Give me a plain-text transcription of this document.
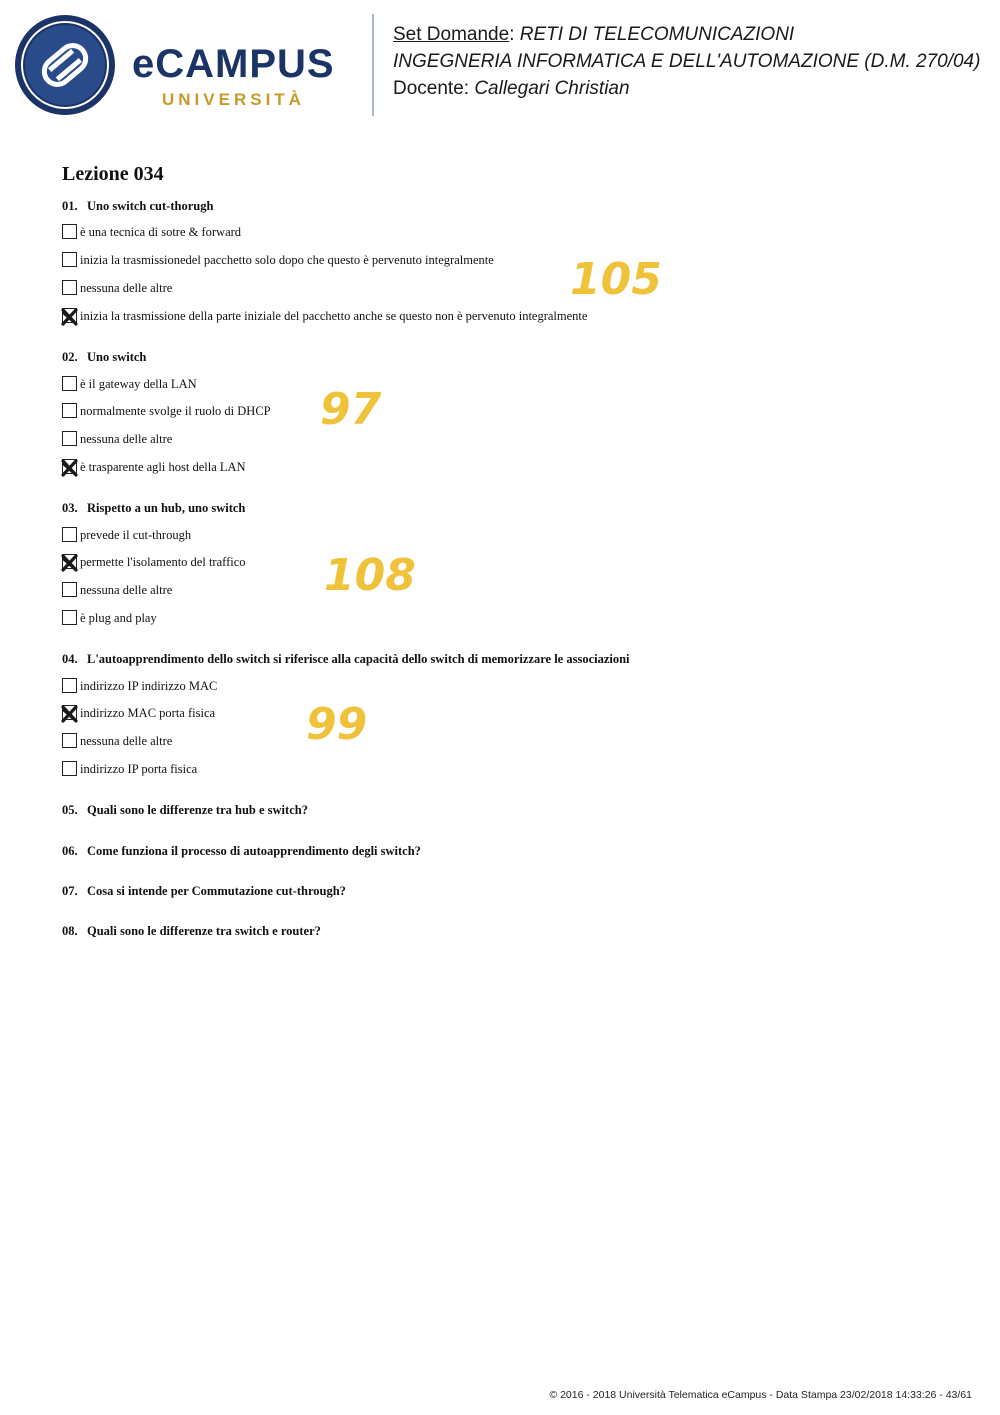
eCAMPUS
UNIVERSITÀ
Set Domande: RETI DI TELECOMUNICAZIONI
INGEGNERIA INFORMATICA E DELL'AUTOMAZIONE (D.M. 270/04)
Docente: Callegari Christian
Lezione 034
01. Uno switch cut-thorugh
è una tecnica di sotre & forward
inizia la trasmissionedel pacchetto solo dopo che questo è pervenuto integralmente
nessuna delle altre
inizia la trasmissione della parte iniziale del pacchetto anche se questo non è pervenuto integralmente
02. Uno switch
è il gateway della LAN
normalmente svolge il ruolo di DHCP
nessuna delle altre
è trasparente agli host della LAN
03. Rispetto a un hub, uno switch
prevede il cut-through
permette l'isolamento del traffico
nessuna delle altre
è plug and play
04. L'autoapprendimento dello switch si riferisce alla capacità dello switch di memorizzare le associazioni
indirizzo IP indirizzo MAC
indirizzo MAC porta fisica
nessuna delle altre
indirizzo IP porta fisica
05. Quali sono le differenze tra hub e switch?
06. Come funziona il processo di autoapprendimento degli switch?
07. Cosa si intende per Commutazione cut-through?
08. Quali sono le differenze tra switch e router?
105
97
108
99
© 2016 - 2018 Università Telematica eCampus - Data Stampa 23/02/2018 14:33:26 - 43/61
